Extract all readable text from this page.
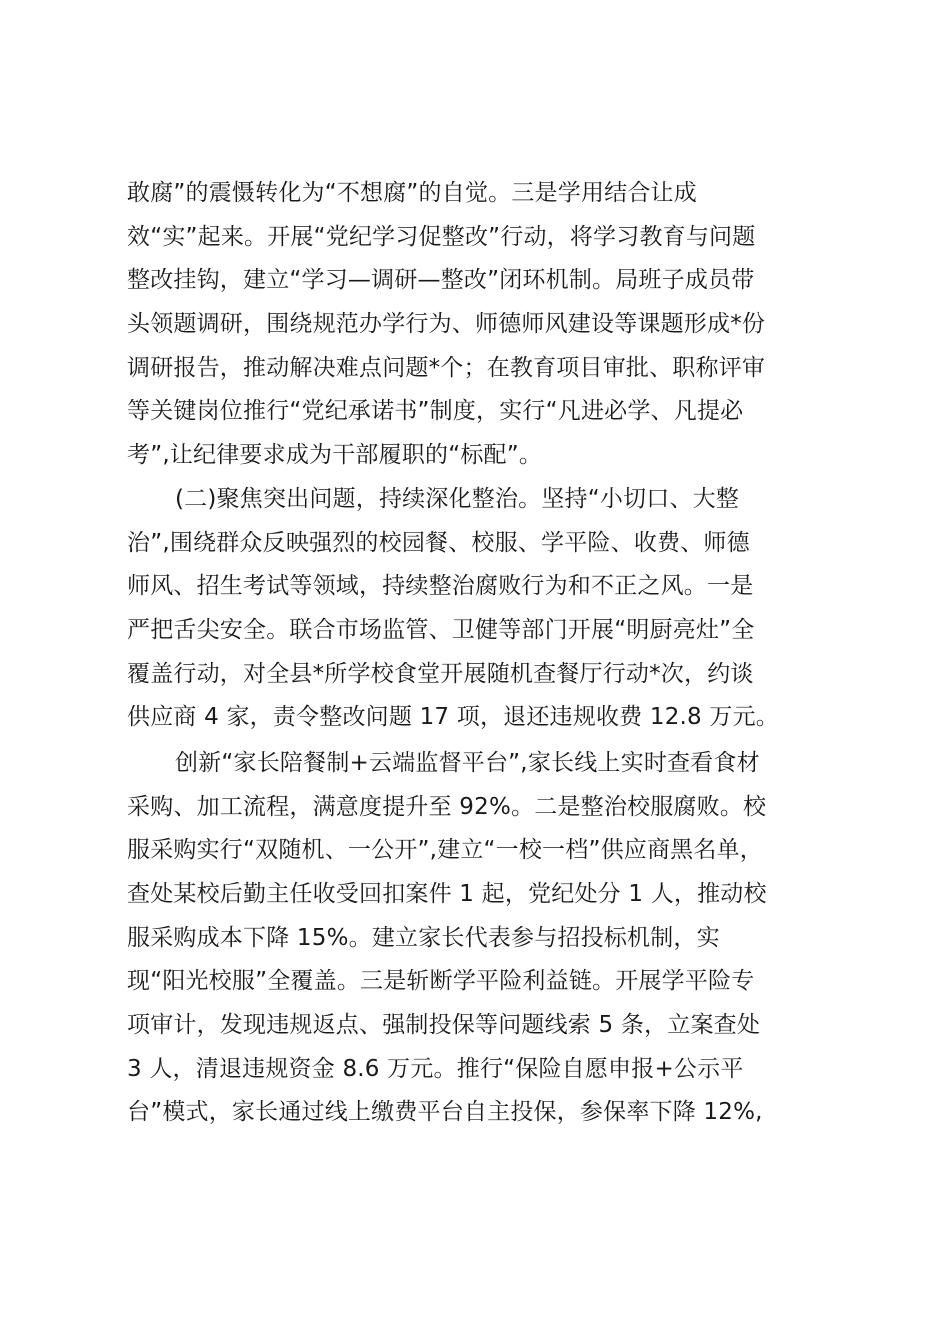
敢腐”的震慑转化为“不想腐”的自觉。三是学用结合让成
效“实”起来。开展“党纪学习促整改”行动，将学习教育与问题
整改挂钩，建立“学习—调研—整改”闭环机制。局班子成员带
头领题调研，围绕规范办学行为、师德师风建设等课题形成*份
调研报告，推动解决难点问题*个；在教育项目审批、职称评审
等关键岗位推行“党纪承诺书”制度，实行“凡进必学、凡提必
考”,让纪律要求成为干部履职的“标配”。
(二)聚焦突出问题，持续深化整治。坚持“小切口、大整
治”,围绕群众反映强烈的校园餐、校服、学平险、收费、师德
师风、招生考试等领域，持续整治腐败行为和不正之风。一是
严把舌尖安全。联合市场监管、卫健等部门开展“明厨亮灶”全
覆盖行动，对全县*所学校食堂开展随机查餐厅行动*次，约谈
供应商 4 家，责令整改问题 17 项，退还违规收费 12.8 万元。
创新“家长陪餐制+云端监督平台”,家长线上实时查看食材
采购、加工流程，满意度提升至 92%。二是整治校服腐败。校
服采购实行“双随机、一公开”,建立“一校一档”供应商黑名单，
查处某校后勤主任收受回扣案件 1 起，党纪处分 1 人，推动校
服采购成本下降 15%。建立家长代表参与招投标机制，实
现“阳光校服”全覆盖。三是斩断学平险利益链。开展学平险专
项审计，发现违规返点、强制投保等问题线索 5 条，立案查处
3 人，清退违规资金 8.6 万元。推行“保险自愿申报+公示平
台”模式，家长通过线上缴费平台自主投保，参保率下降 12%,
